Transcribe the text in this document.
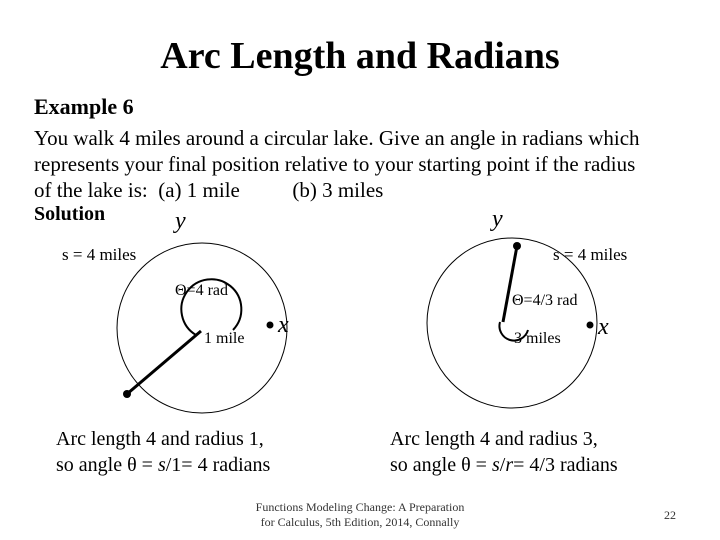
Arc Length and Radians
Example 6
You walk 4 miles around a circular lake. Give an angle in radians which
represents your final position relative to your starting point if the radius
of the lake is:  (a) 1 mile          (b) 3 miles
Solution	y
x
s = 4 miles
Θ=4 rad
1 mile
Arc length 4 and radius 1,
so angle θ = s/1= 4 radians
y
x
s = 4 miles
Θ=4/3 rad
3 miles
Arc length 4 and radius 3,
so angle θ = s/r= 4/3 radians
Functions Modeling Change: A Preparation
for Calculus, 5th Edition, 2014, Connally	22
